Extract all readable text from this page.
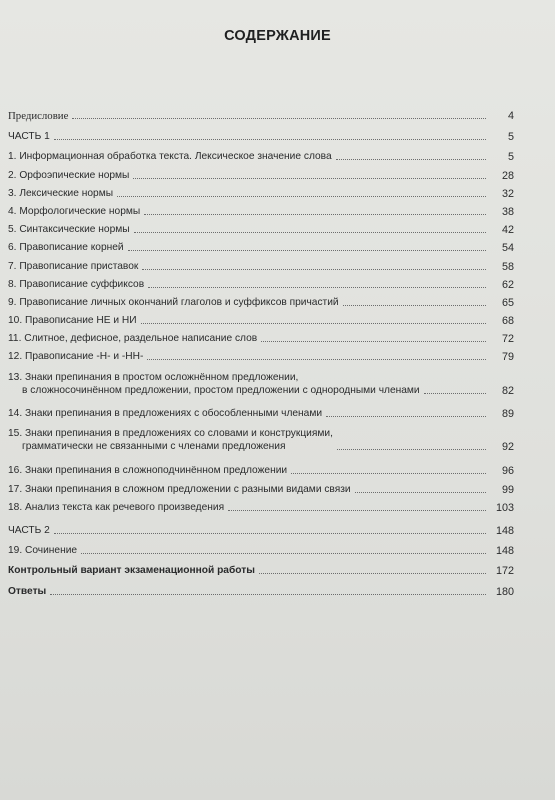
СОДЕРЖАНИЕ
Предисловие	4
ЧАСТЬ 1	5
1. Информационная обработка текста. Лексическое значение слова	5
2. Орфоэпические нормы	28
3. Лексические нормы	32
4. Морфологические нормы	38
5. Синтаксические нормы	42
6. Правописание корней	54
7. Правописание приставок	58
8. Правописание суффиксов	62
9. Правописание личных окончаний глаголов и суффиксов причастий	65
10. Правописание НЕ и НИ	68
11. Слитное, дефисное, раздельное написание слов	72
12. Правописание -Н- и -НН-	79
13. Знаки препинания в простом осложнённом предложении,
в сложносочинённом предложении, простом предложении с однородными членами	82
14. Знаки препинания в предложениях с обособленными членами	89
15. Знаки препинания в предложениях со словами и конструкциями,
грамматически не связанными с членами предложения	92
16. Знаки препинания в сложноподчинённом предложении	96
17. Знаки препинания в сложном предложении с разными видами связи	99
18. Анализ текста как речевого произведения	103
ЧАСТЬ 2	148
19. Сочинение	148
Контрольный вариант экзаменационной работы	172
Ответы	180
